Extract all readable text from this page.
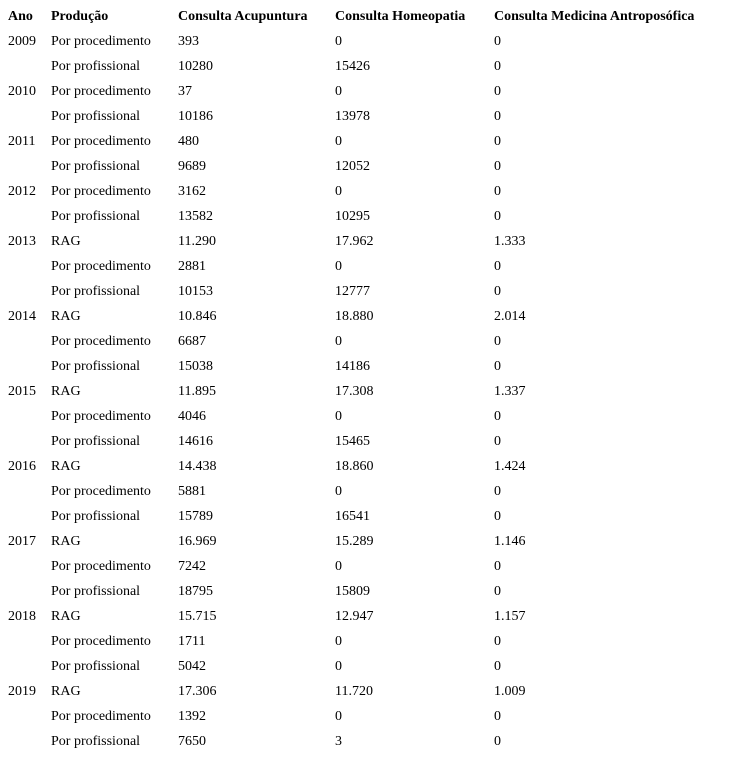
Ano	Produção	Consulta Acupuntura	Consulta Homeopatia	Consulta Medicina Antroposófica
2009	Por procedimento	393	0	0
	Por profissional	10280	15426	0
2010	Por procedimento	37	0	0
	Por profissional	10186	13978	0
2011	Por procedimento	480	0	0
	Por profissional	9689	12052	0
2012	Por procedimento	3162	0	0
	Por profissional	13582	10295	0
2013	RAG	11.290	17.962	1.333
	Por procedimento	2881	0	0
	Por profissional	10153	12777	0
2014	RAG	10.846	18.880	2.014
	Por procedimento	6687	0	0
	Por profissional	15038	14186	0
2015	RAG	11.895	17.308	1.337
	Por procedimento	4046	0	0
	Por profissional	14616	15465	0
2016	RAG	14.438	18.860	1.424
	Por procedimento	5881	0	0
	Por profissional	15789	16541	0
2017	RAG	16.969	15.289	1.146
	Por procedimento	7242	0	0
	Por profissional	18795	15809	0
2018	RAG	15.715	12.947	1.157
	Por procedimento	1711	0	0
	Por profissional	5042	0	0
2019	RAG	17.306	11.720	1.009
	Por procedimento	1392	0	0
	Por profissional	7650	3	0
